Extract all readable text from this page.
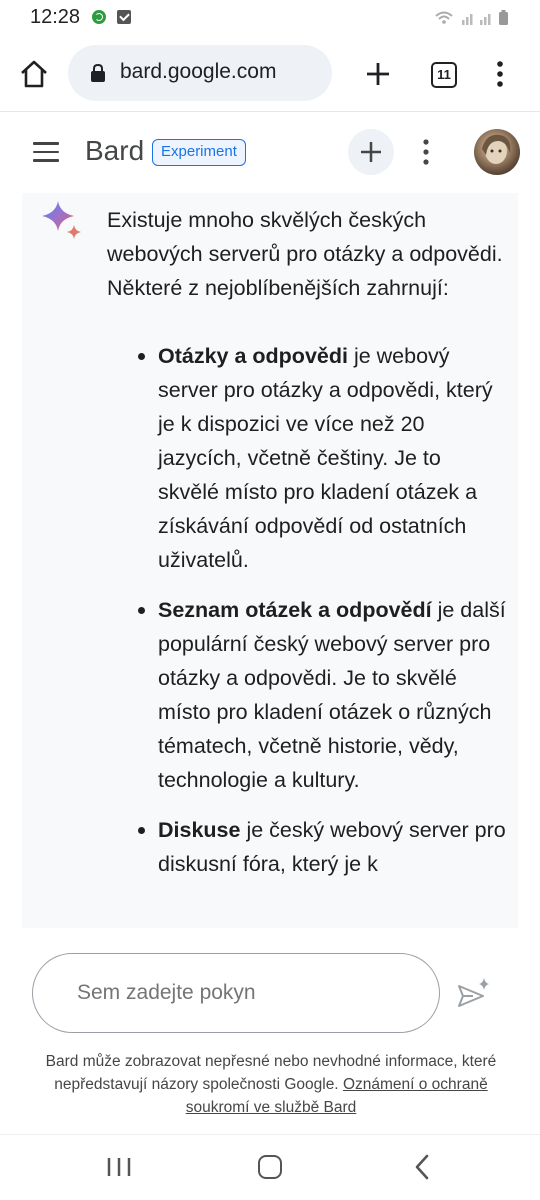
12:28
bard.google.com	11
Bard	Experiment

Existuje mnoho skvělých českých webových serverů pro otázky a odpovědi. Některé z nejoblíbenějších zahrnují:

Otázky a odpovědi je webový server pro otázky a odpovědi, který je k dispozici ve více než 20 jazycích, včetně češtiny. Je to skvělé místo pro kladení otázek a získávání odpovědí od ostatních uživatelů.
Seznam otázek a odpovědí je další populární český webový server pro otázky a odpovědi. Je to skvělé místo pro kladení otázek o různých tématech, včetně historie, vědy, technologie a kultury.
Diskuse je český webový server pro diskusní fóra, který je k
Sem zadejte pokyn
Bard může zobrazovat nepřesné nebo nevhodné informace, které nepředstavují názory společnosti Google. Oznámení o ochraně soukromí ve službě Bard
